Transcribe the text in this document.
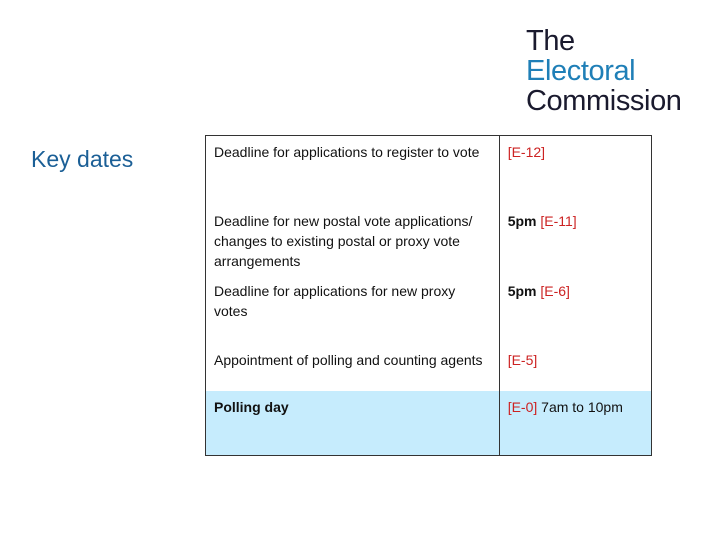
The
Electoral
Commission
Key dates	Deadline for applications to register to vote	[E-12]
Deadline for new postal vote applications/ changes to existing postal or proxy vote arrangements	5pm [E-11]
Deadline for applications for new proxy votes	5pm [E-6]
Appointment of polling and counting agents	[E-5]
Polling day	[E-0] 7am to 10pm
